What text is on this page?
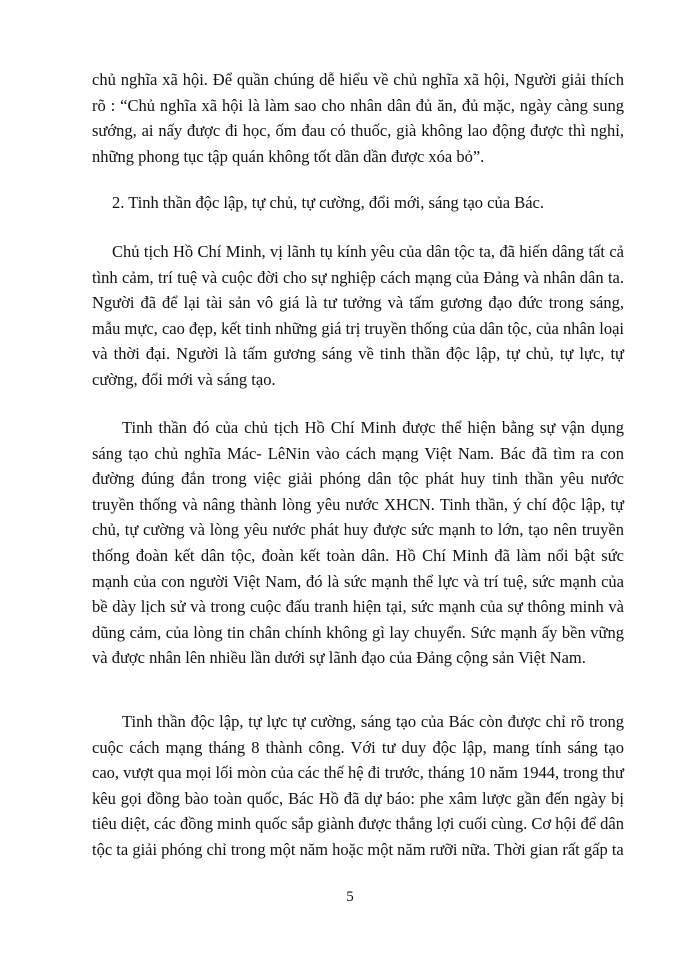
chủ nghĩa xã hội. Để quần chúng dễ hiểu về chủ nghĩa xã hội, Người giải thích rõ : “Chủ nghĩa xã hội là làm sao cho nhân dân đủ ăn, đủ mặc, ngày càng sung sướng, ai nấy được đi học, ốm đau có thuốc, già không lao động được thì nghỉ, những phong tục tập quán không tốt dần dần được xóa bỏ”.

2. Tinh thần độc lập, tự chủ, tự cường, đổi mới, sáng tạo của Bác.

Chủ tịch Hồ Chí Minh, vị lãnh tụ kính yêu của dân tộc ta, đã hiến dâng tất cả tình cảm, trí tuệ và cuộc đời cho sự nghiệp cách mạng của Đảng và nhân dân ta. Người đã để lại tài sản vô giá là tư tưởng và tấm gương đạo đức trong sáng, mẫu mực, cao đẹp, kết tinh những giá trị truyền thống của dân tộc, của nhân loại và thời đại. Người là tấm gương sáng về tinh thần độc lập, tự chủ, tự lực, tự cường, đổi mới và sáng tạo.

Tinh thần đó của chủ tịch Hồ Chí Minh được thể hiện bằng sự vận dụng sáng tạo chủ nghĩa Mác- LêNin vào cách mạng Việt Nam. Bác đã tìm ra con đường đúng đắn trong việc giải phóng dân tộc phát huy tinh thần yêu nước truyền thống và nâng thành lòng yêu nước XHCN. Tinh thần, ý chí độc lập, tự chủ, tự cường và lòng yêu nước phát huy được sức mạnh to lớn, tạo nên truyền thống đoàn kết dân tộc, đoàn kết toàn dân. Hồ Chí Minh đã làm nổi bật sức mạnh của con người Việt Nam, đó là sức mạnh thể lực và trí tuệ, sức mạnh của bề dày lịch sử và trong cuộc đấu tranh hiện tại, sức mạnh của sự thông minh và dũng cảm, của lòng tin chân chính không gì lay chuyển. Sức mạnh ấy bền vững và được nhân lên nhiều lần dưới sự lãnh đạo của Đảng cộng sản Việt Nam.

Tinh thần độc lập, tự lực tự cường, sáng tạo của Bác còn được chỉ rõ trong cuộc cách mạng tháng 8 thành công. Với tư duy độc lập, mang tính sáng tạo cao, vượt qua mọi lối mòn của các thế hệ đi trước, tháng 10 năm 1944, trong thư kêu gọi đồng bào toàn quốc, Bác Hồ đã dự báo: phe xâm lược gần đến ngày bị tiêu diệt, các đồng minh quốc sắp giành được thắng lợi cuối cùng. Cơ hội để dân tộc ta giải phóng chỉ trong một năm hoặc một năm rưỡi nữa. Thời gian rất gấp ta

5
